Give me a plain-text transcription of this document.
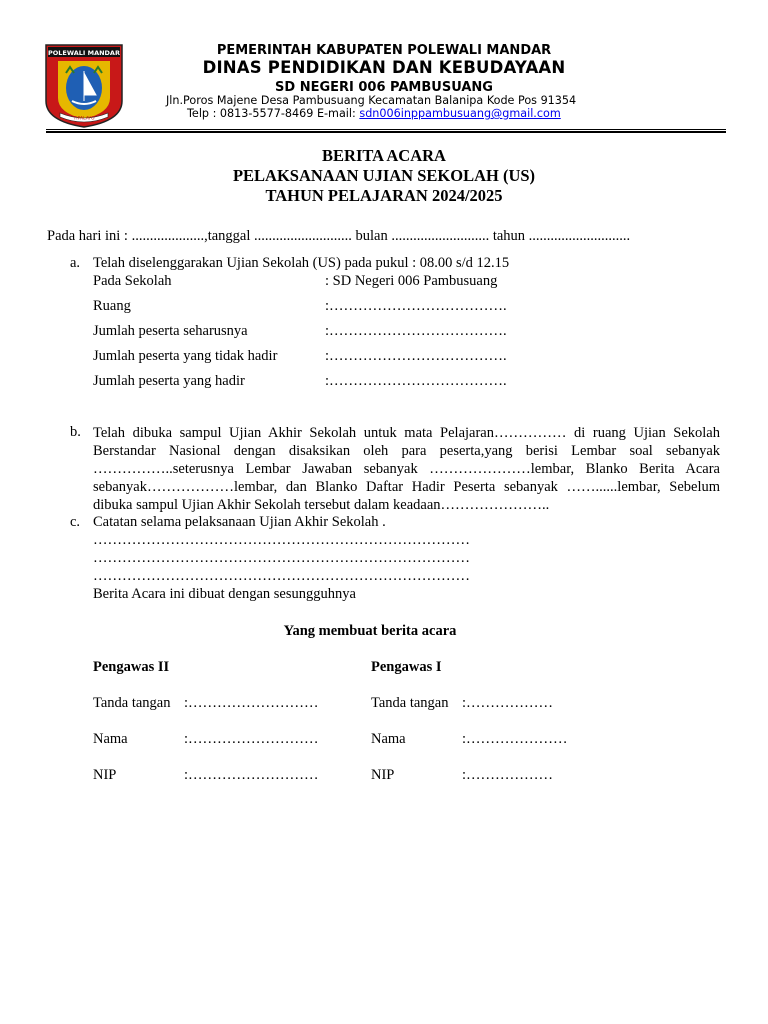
POLEWALI MANDAR
TIPALAYO
PEMERINTAH KABUPATEN POLEWALI MANDAR
DINAS PENDIDIKAN DAN KEBUDAYAAN
SD NEGERI 006 PAMBUSUANG
Jln.Poros Majene Desa Pambusuang Kecamatan Balanipa Kode Pos 91354
Telp : 0813-5577-8469 E-mail: sdn006inppambusuang@gmail.com
BERITA ACARA
PELAKSANAAN UJIAN SEKOLAH (US)
TAHUN PELAJARAN 2024/2025
Pada hari ini : ....................,tanggal ........................... bulan ........................... tahun ............................
a. Telah diselenggarakan Ujian Sekolah (US) pada pukul : 08.00 s/d 12.15
Pada Sekolah	: SD Negeri 006 Pambusuang
Ruang	:……………………………….
Jumlah peserta seharusnya	:……………………………….
Jumlah peserta yang tidak hadir	:……………………………….
Jumlah peserta yang hadir	:……………………………….
b. Telah dibuka sampul Ujian Akhir Sekolah untuk mata Pelajaran…………… di ruang Ujian Sekolah Berstandar Nasional dengan disaksikan oleh para peserta,yang berisi Lembar soal sebanyak ……………..seterusnya Lembar Jawaban sebanyak …………………lembar, Blanko Berita Acara sebanyak………………lembar, dan Blanko Daftar Hadir Peserta sebanyak ……......lembar, Sebelum dibuka sampul Ujian Akhir Sekolah tersebut dalam keadaan…………………..
c. Catatan selama pelaksanaan Ujian Akhir Sekolah .
……………………………………………………………………
……………………………………………………………………
……………………………………………………………………
Berita Acara ini dibuat dengan sesungguhnya
Yang membuat berita acara
Pengawas II	Pengawas I
Tanda tangan :………………………	Tanda tangan :………………
Nama	:………………………	Nama	:…………………
NIP	:………………………	NIP	:………………
